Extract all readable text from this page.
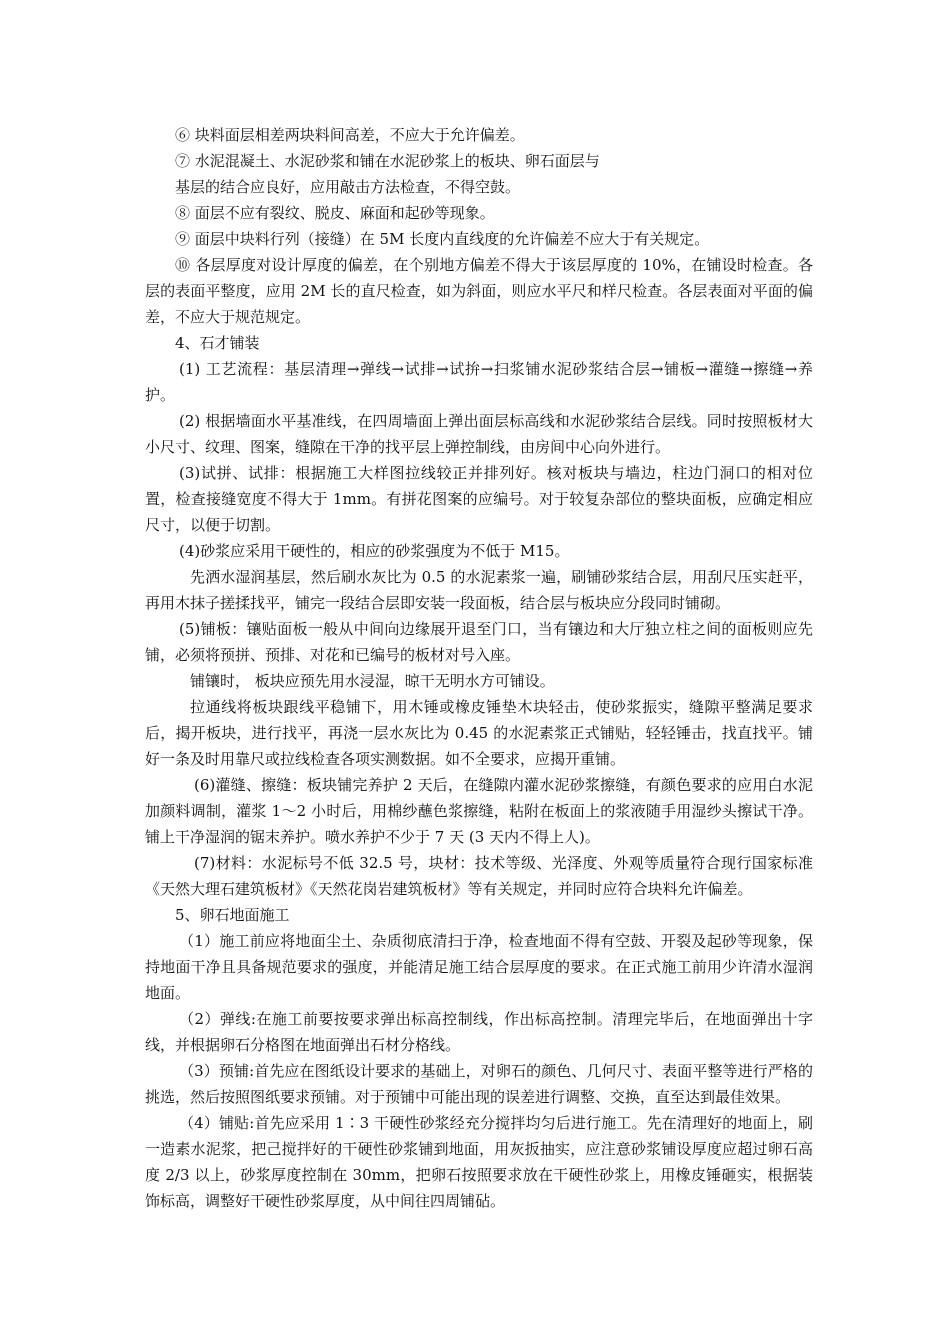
⑥ 块料面层相差两块料间高差，不应大于允许偏差。

⑦ 水泥混凝土、水泥砂浆和铺在水泥砂浆上的板块、卵石面层与

基层的结合应良好，应用敲击方法检查，不得空鼓。

⑧ 面层不应有裂纹、脱皮、麻面和起砂等现象。

⑨ 面层中块料行列（接缝）在 5M 长度内直线度的允许偏差不应大于有关规定。

⑩ 各层厚度对设计厚度的偏差，在个别地方偏差不得大于该层厚度的 10%，在铺设时检查。各层的表面平整度，应用 2M 长的直尺检查，如为斜面，则应水平尺和样尺检查。各层表面对平面的偏差，不应大于规范规定。

4、石才铺装

(1) 工艺流程：基层清理→弹线→试排→试拚→扫浆铺水泥砂浆结合层→铺板→灌缝→擦缝→养护。

(2) 根据墙面水平基准线，在四周墙面上弹出面层标高线和水泥砂浆结合层线。同时按照板材大小尺寸、纹理、图案，缝隙在干净的找平层上弹控制线，由房间中心向外进行。

(3)试拼、试排：根据施工大样图拉线较正并排列好。核对板块与墙边，柱边门洞口的相对位置，检查接缝宽度不得大于 1mm。有拼花图案的应编号。对于较复杂部位的整块面板，应确定相应尺寸，以便于切割。

(4)砂浆应采用干硬性的，相应的砂浆强度为不低于 M15。

先洒水湿润基层，然后刷水灰比为 0.5 的水泥素浆一遍，刷铺砂浆结合层，用刮尺压实赶平，再用木抹子搓揉找平，铺完一段结合层即安装一段面板，结合层与板块应分段同时铺砌。

(5)铺板：镶贴面板一般从中间向边缘展开退至门口，当有镶边和大厅独立柱之间的面板则应先铺，必须将预拼、预排、对花和已编号的板材对号入座。

铺镶时， 板块应预先用水浸湿，晾干无明水方可铺设。

拉通线将板块跟线平稳铺下，用木锤或橡皮锤垫木块轻击，使砂浆振实，缝隙平整满足要求后，揭开板块，进行找平，再浇一层水灰比为 0.45 的水泥素浆正式铺贴，轻轻锤击，找直找平。铺好一条及时用靠尺或拉线检查各项实测数据。如不全要求，应揭开重铺。

(6)灌缝、擦缝：板块铺完养护 2 天后，在缝隙内灌水泥砂浆擦缝，有颜色要求的应用白水泥加颜料调制，灌浆 1～2 小时后，用棉纱蘸色浆擦缝，粘附在板面上的浆液随手用湿纱头擦试干净。铺上干净湿润的锯末养护。喷水养护不少于 7 天 (3 天内不得上人)。

(7)材料：水泥标号不低 32.5 号，块材：技术等级、光泽度、外观等质量符合现行国家标准《天然大理石建筑板材》《天然花岗岩建筑板材》等有关规定，并同时应符合块料允许偏差。

5、卵石地面施工

（1）施工前应将地面尘土、杂质彻底清扫于净，检查地面不得有空鼓、开裂及起砂等现象，保持地面干净且具备规范要求的强度，并能清足施工结合层厚度的要求。在正式施工前用少许清水湿润地面。

（2）弹线:在施工前要按要求弹出标高控制线，作出标高控制。清理完毕后，在地面弹出十字线，并根据卵石分格图在地面弹出石材分格线。

（3）预铺:首先应在图纸设计要求的基础上，对卵石的颜色、几何尺寸、表面平整等进行严格的挑选，然后按照图纸要求预铺。对于预铺中可能出现的误差进行调整、交换，直至达到最佳效果。

（4）铺贴:首先应采用 1∶3 干硬性砂浆经充分搅拌均匀后进行施工。先在清理好的地面上，刷一造素水泥浆，把己搅拌好的干硬性砂浆铺到地面，用灰扳抽实，应注意砂浆铺设厚度应超过卵石高度 2/3 以上，砂浆厚度控制在 30mm，把卵石按照要求放在干硬性砂浆上，用橡皮锤砸实，根据装饰标高，调整好干硬性砂浆厚度，从中间往四周铺砧。
